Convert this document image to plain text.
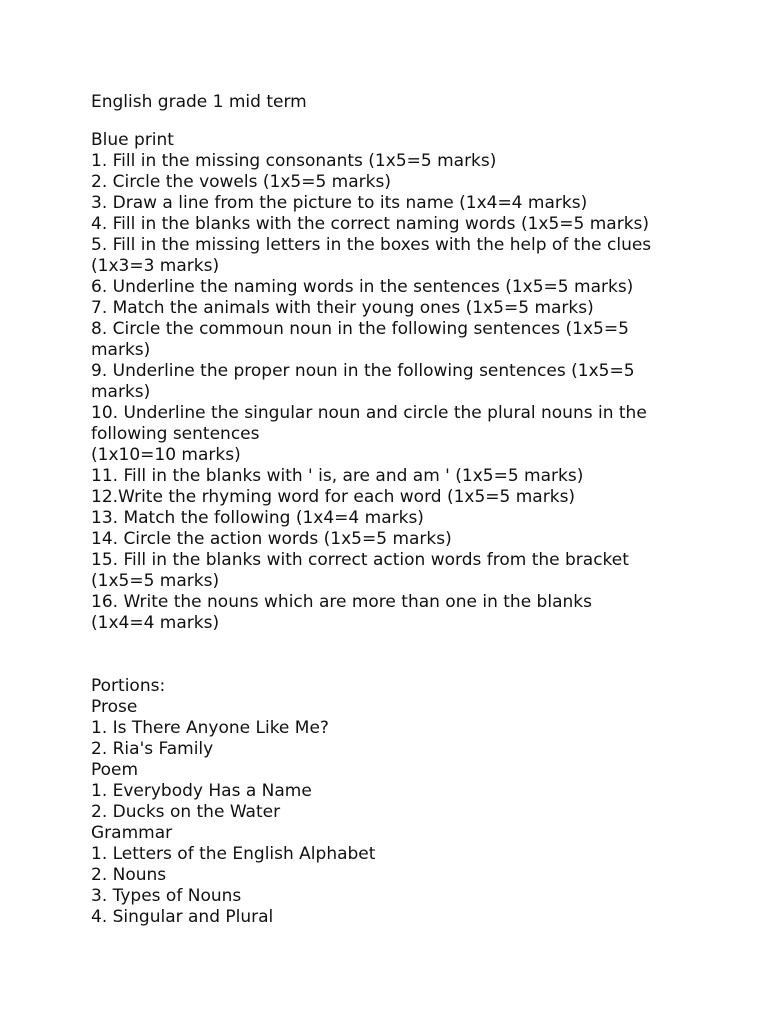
English grade 1 mid term
Blue print
1. Fill in the missing consonants (1x5=5 marks)
2. Circle the vowels (1x5=5 marks)
3. Draw a line from the picture to its name (1x4=4 marks)
4. Fill in the blanks with the correct naming words (1x5=5 marks)
5. Fill in the missing letters in the boxes with the help of the clues
(1x3=3 marks)
6. Underline the naming words in the sentences (1x5=5 marks)
7. Match the animals with their young ones (1x5=5 marks)
8. Circle the commoun noun in the following sentences (1x5=5
marks)
9. Underline the proper noun in the following sentences (1x5=5
marks)
10. Underline the singular noun and circle the plural nouns in the
following sentences
(1x10=10 marks)
11. Fill in the blanks with ' is, are and am ' (1x5=5 marks)
12.Write the rhyming word for each word (1x5=5 marks)
13. Match the following (1x4=4 marks)
14. Circle the action words (1x5=5 marks)
15. Fill in the blanks with correct action words from the bracket
(1x5=5 marks)
16. Write the nouns which are more than one in the blanks
(1x4=4 marks)
Portions:
Prose
1. Is There Anyone Like Me?
2. Ria's Family
Poem
1. Everybody Has a Name
2. Ducks on the Water
Grammar
1. Letters of the English Alphabet
2. Nouns
3. Types of Nouns
4. Singular and Plural
